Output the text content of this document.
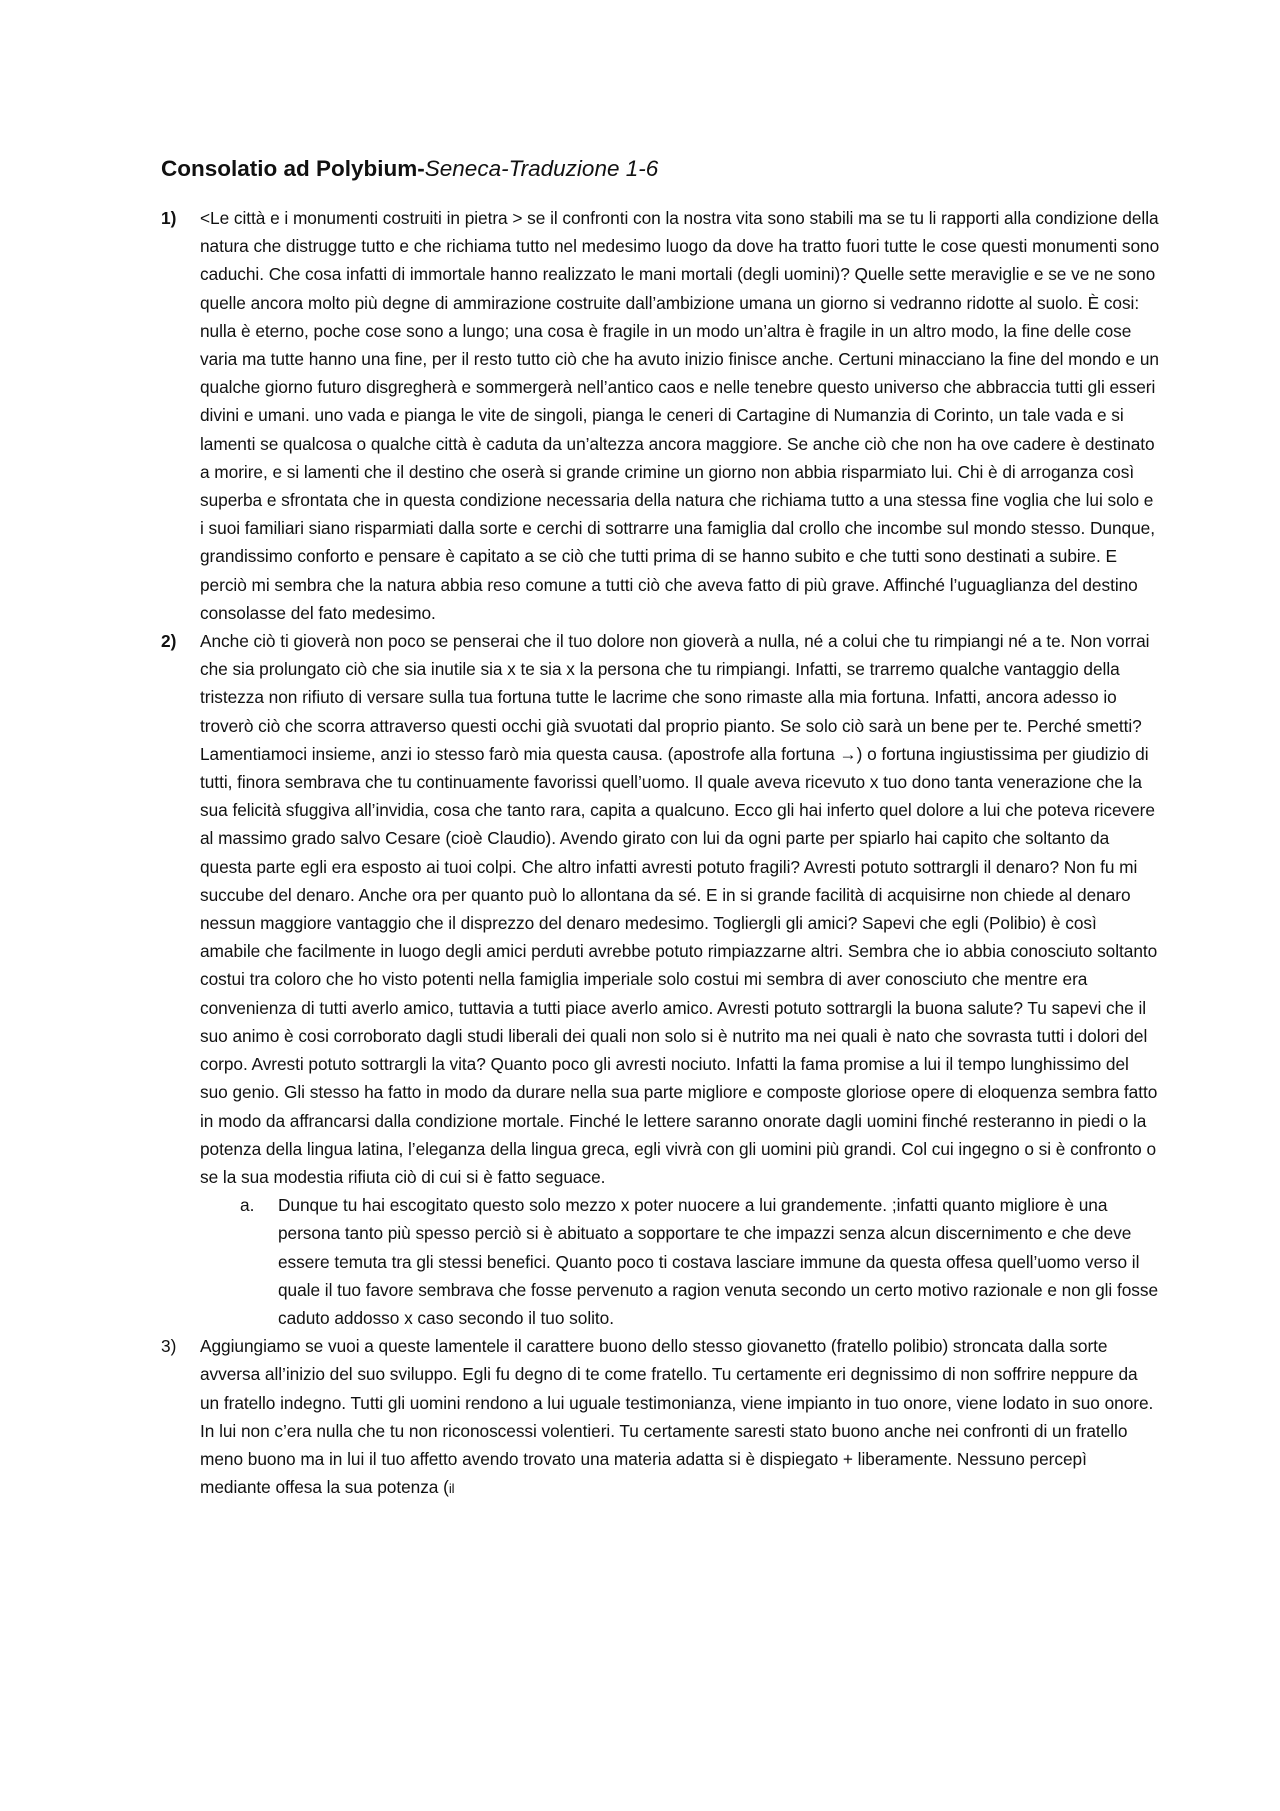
Consolatio ad Polybium-Seneca-Traduzione 1-6
1) <Le città e i monumenti costruiti in pietra > se il confronti con la nostra vita sono stabili ma se tu li rapporti alla condizione della natura che distrugge tutto e che richiama tutto nel medesimo luogo da dove ha tratto fuori tutte le cose questi monumenti sono caduchi. Che cosa infatti di immortale hanno realizzato le mani mortali (degli uomini)? Quelle sette meraviglie e se ve ne sono quelle ancora molto più degne di ammirazione costruite dall’ambizione umana un giorno si vedranno ridotte al suolo. È cosi: nulla è eterno, poche cose sono a lungo; una cosa è fragile in un modo un’altra è fragile in un altro modo, la fine delle cose varia ma tutte hanno una fine, per il resto tutto ciò che ha avuto inizio finisce anche. Certuni minacciano la fine del mondo e un qualche giorno futuro disgregherà e sommergerà nell’antico caos e nelle tenebre questo universo che abbraccia tutti gli esseri divini e umani. uno vada e pianga le vite de singoli, pianga le ceneri di Cartagine di Numanzia di Corinto, un tale vada e si lamenti se qualcosa o qualche città è caduta da un’altezza ancora maggiore. Se anche ciò che non ha ove cadere è destinato a morire, e si lamenti che il destino che oserà si grande crimine un giorno non abbia risparmiato lui. Chi è di arroganza così superba e sfrontata che in questa condizione necessaria della natura che richiama tutto a una stessa fine voglia che lui solo e i suoi familiari siano risparmiati dalla sorte e cerchi di sottrarre una famiglia dal crollo che incombe sul mondo stesso. Dunque, grandissimo conforto e pensare è capitato a se ciò che tutti prima di se hanno subito e che tutti sono destinati a subire. E perciò mi sembra che la natura abbia reso comune a tutti ciò che aveva fatto di più grave. Affinché l’uguaglianza del destino consolasse del fato medesimo.

2) Anche ciò ti gioverà non poco se penserai che il tuo dolore non gioverà a nulla, né a colui che tu rimpiangi né a te. Non vorrai che sia prolungato ciò che sia inutile sia x te sia x la persona che tu rimpiangi. Infatti, se trarremo qualche vantaggio della tristezza non rifiuto di versare sulla tua fortuna tutte le lacrime che sono rimaste alla mia fortuna. Infatti, ancora adesso io troverò ciò che scorra attraverso questi occhi già svuotati dal proprio pianto. Se solo ciò sarà un bene per te. Perché smetti? Lamentiamoci insieme, anzi io stesso farò mia questa causa. (apostrofe alla fortuna →) o fortuna ingiustissima per giudizio di tutti, finora sembrava che tu continuamente favorissi quell’uomo. Il quale aveva ricevuto x tuo dono tanta venerazione che la sua felicità sfuggiva all’invidia, cosa che tanto rara, capita a qualcuno. Ecco gli hai inferto quel dolore a lui che poteva ricevere al massimo grado salvo Cesare (cioè Claudio). Avendo girato con lui da ogni parte per spiarlo hai capito che soltanto da questa parte egli era esposto ai tuoi colpi. Che altro infatti avresti potuto fragili? Avresti potuto sottrargli il denaro? Non fu mi succube del denaro. Anche ora per quanto può lo allontana da sé. E in si grande facilità di acquisirne non chiede al denaro nessun maggiore vantaggio che il disprezzo del denaro medesimo. Togliergli gli amici? Sapevi che egli (Polibio) è così amabile che facilmente in luogo degli amici perduti avrebbe potuto rimpiazzarne altri. Sembra che io abbia conosciuto soltanto costui tra coloro che ho visto potenti nella famiglia imperiale solo costui mi sembra di aver conosciuto che mentre era convenienza di tutti averlo amico, tuttavia a tutti piace averlo amico. Avresti potuto sottrargli la buona salute? Tu sapevi che il suo animo è cosi corroborato dagli studi liberali dei quali non solo si è nutrito ma nei quali è nato che sovrasta tutti i dolori del corpo. Avresti potuto sottrargli la vita? Quanto poco gli avresti nociuto. Infatti la fama promise a lui il tempo lunghissimo del suo genio. Gli stesso ha fatto in modo da durare nella sua parte migliore e composte gloriose opere di eloquenza sembra fatto in modo da affrancarsi dalla condizione mortale. Finché le lettere saranno onorate dagli uomini finché resteranno in piedi o la potenza della lingua latina, l’eleganza della lingua greca, egli vivrà con gli uomini più grandi. Col cui ingegno o si è confronto o se la sua modestia rifiuta ciò di cui si è fatto seguace.

a. Dunque tu hai escogitato questo solo mezzo x poter nuocere a lui grandemente. ;infatti quanto migliore è una persona tanto più spesso perciò si è abituato a sopportare te che impazzi senza alcun discernimento e che deve essere temuta tra gli stessi benefici. Quanto poco ti costava lasciare immune da questa offesa quell’uomo verso il quale il tuo favore sembrava che fosse pervenuto a ragion venuta secondo un certo motivo razionale e non gli fosse caduto addosso x caso secondo il tuo solito.

3) Aggiungiamo se vuoi a queste lamentele il carattere buono dello stesso giovanetto (fratello polibio) stroncata dalla sorte avversa all’inizio del suo sviluppo. Egli fu degno di te come fratello. Tu certamente eri degnissimo di non soffrire neppure da un fratello indegno. Tutti gli uomini rendono a lui uguale testimonianza, viene impianto in tuo onore, viene lodato in suo onore. In lui non c’era nulla che tu non riconoscessi volentieri. Tu certamente saresti stato buono anche nei confronti di un fratello meno buono ma in lui il tuo affetto avendo trovato una materia adatta si è dispiegato + liberamente. Nessuno percepì mediante offesa la sua potenza (il
